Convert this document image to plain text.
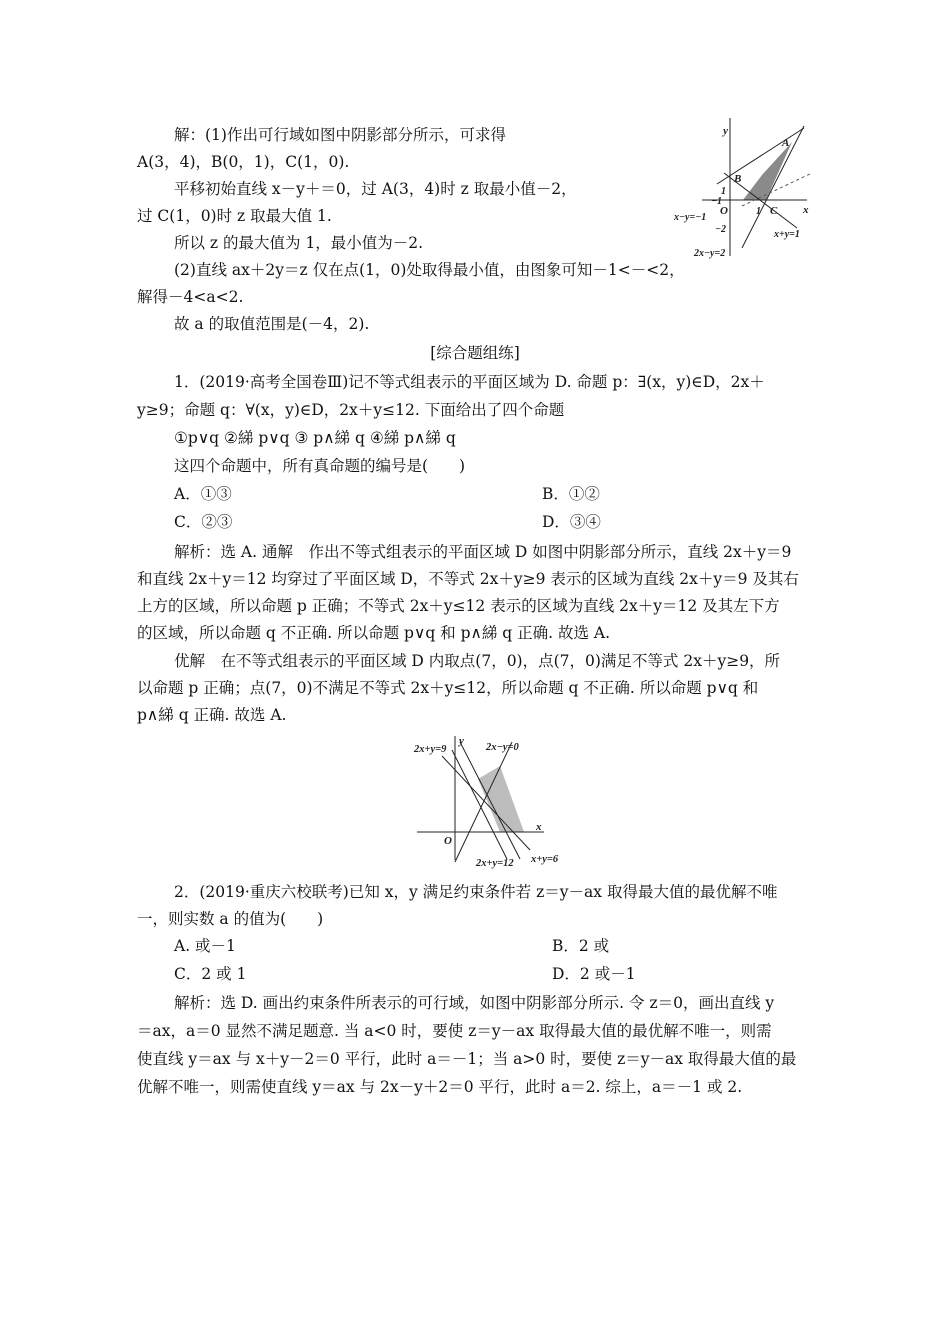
解：(1)作出可行域如图中阴影部分所示，可求得
A(3，4)，B(0，1)，C(1，0).
平移初始直线 x－y＋＝0，过 A(3，4)时 z 取最小值－2，
过 C(1，0)时 z 取最大值 1.
所以 z 的最大值为 1，最小值为－2.
(2)直线 ax＋2y＝z 仅在点(1，0)处取得最小值，由图象可知－1<－<2，
解得－4<a<2.
故 a 的取值范围是(－4，2).
y
x
A
B
C
O
1
−1
1
−2
x−y=−1
x+y=1
2x−y=2
[综合题组练]
1．(2019·高考全国卷Ⅲ)记不等式组表示的平面区域为 D. 命题 p：∃(x，y)∈D，2x＋
y≥9；命题 q：∀(x，y)∈D，2x＋y≤12. 下面给出了四个命题
①p∨q ②綈 p∨q ③ p∧綈 q ④綈 p∧綈 q
这四个命题中，所有真命题的编号是(　　)
A．①③	B．①②
C．②③	D．③④
解析：选 A. 通解　作出不等式组表示的平面区域 D 如图中阴影部分所示，直线 2x＋y＝9
和直线 2x＋y＝12 均穿过了平面区域 D，不等式 2x＋y≥9 表示的区域为直线 2x＋y＝9 及其右
上方的区域，所以命题 p 正确；不等式 2x＋y≤12 表示的区域为直线 2x＋y＝12 及其左下方
的区域，所以命题 q 不正确. 所以命题 p∨q 和 p∧綈 q 正确. 故选 A.
优解　在不等式组表示的平面区域 D 内取点(7，0)，点(7，0)满足不等式 2x＋y≥9，所
以命题 p 正确；点(7，0)不满足不等式 2x＋y≤12，所以命题 q 不正确. 所以命题 p∨q 和
p∧綈 q 正确. 故选 A.
y
x
O
2x+y=9	2x−y=0
2x+y=12 x+y=6
2．(2019·重庆六校联考)已知 x，y 满足约束条件若 z＝y－ax 取得最大值的最优解不唯
一，则实数 a 的值为(　　)
A. 或－1	B．2 或
C．2 或 1	D．2 或－1
解析：选 D. 画出约束条件所表示的可行域，如图中阴影部分所示. 令 z＝0，画出直线 y
＝ax，a＝0 显然不满足题意. 当 a<0 时，要使 z＝y－ax 取得最大值的最优解不唯一，则需
使直线 y＝ax 与 x＋y－2＝0 平行，此时 a＝－1；当 a>0 时，要使 z＝y－ax 取得最大值的最
优解不唯一，则需使直线 y＝ax 与 2x－y＋2＝0 平行，此时 a＝2. 综上，a＝－1 或 2.
